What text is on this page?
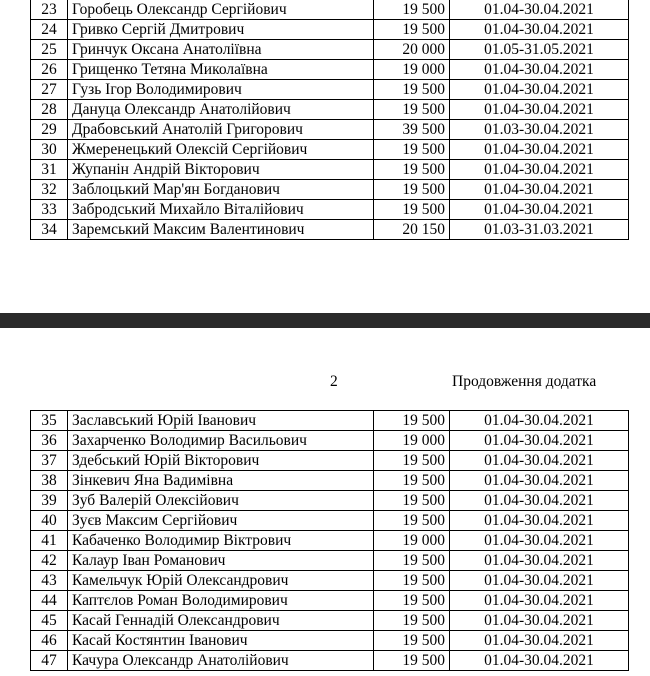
23	Горобець Олександр Сергійович	19 500	01.04-30.04.2021
24	Гривко Сергій Дмитрович	19 500	01.04-30.04.2021
25	Гринчук Оксана Анатоліївна	20 000	01.05-31.05.2021
26	Грищенко Тетяна Миколаївна	19 000	01.04-30.04.2021
27	Гузь Ігор Володимирович	19 500	01.04-30.04.2021
28	Дануца Олександр Анатолійович	19 500	01.04-30.04.2021
29	Драбовський Анатолій Григорович	39 500	01.03-30.04.2021
30	Жмеренецький Олексій Сергійович	19 500	01.04-30.04.2021
31	Жупанін Андрій Вікторович	19 500	01.04-30.04.2021
32	Заблоцький Мар'ян Богданович	19 500	01.04-30.04.2021
33	Забродський Михайло Віталійович	19 500	01.04-30.04.2021
34	Заремський Максим Валентинович	20 150	01.03-31.03.2021
2	Продовження додатка
35	Заславський Юрій Іванович	19 500	01.04-30.04.2021
36	Захарченко Володимир Васильович	19 000	01.04-30.04.2021
37	Здебський Юрій Вікторович	19 500	01.04-30.04.2021
38	Зінкевич Яна Вадимівна	19 500	01.04-30.04.2021
39	Зуб Валерій Олексійович	19 500	01.04-30.04.2021
40	Зуєв Максим Сергійович	19 500	01.04-30.04.2021
41	Кабаченко Володимир Віктрович	19 000	01.04-30.04.2021
42	Калаур Іван Романович	19 500	01.04-30.04.2021
43	Камельчук Юрій Олександрович	19 500	01.04-30.04.2021
44	Каптєлов Роман Володимирович	19 500	01.04-30.04.2021
45	Касай Геннадій Олександрович	19 500	01.04-30.04.2021
46	Касай Костянтин Іванович	19 500	01.04-30.04.2021
47	Качура Олександр Анатолійович	19 500	01.04-30.04.2021
